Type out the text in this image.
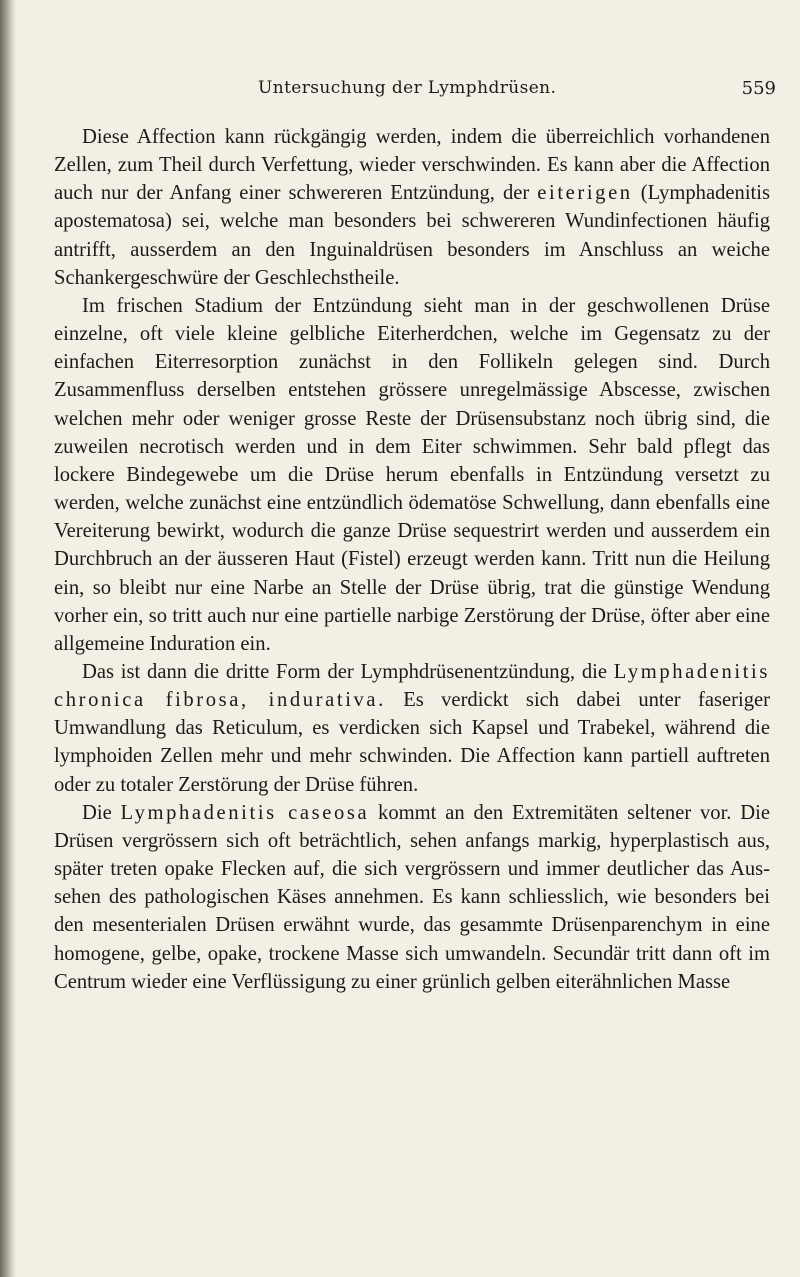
Untersuchung der Lymphdrüsen.	559

Diese Affection kann rückgängig werden, indem die überreichlich vorhandenen Zellen, zum Theil durch Verfettung, wieder verschwinden. Es kann aber die Affection auch nur der Anfang einer schwereren Entzündung, der eiterigen (Lymphadenitis apostematosa) sei, welche man besonders bei schwereren Wundinfectionen häufig antrifft, ausserdem an den Inguinaldrüsen besonders im Anschluss an weiche Schankergeschwüre der Geschlechstheile.

Im frischen Stadium der Entzündung sieht man in der geschwollenen Drüse einzelne, oft viele kleine gelbliche Eiterherdchen, welche im Gegensatz zu der einfachen Eiterresorption zunächst in den Follikeln gelegen sind. Durch Zusammenfluss derselben entstehen grössere unregelmässige Abscesse, zwischen welchen mehr oder weniger grosse Reste der Drüsensubstanz noch übrig sind, die zuweilen necrotisch werden und in dem Eiter schwimmen. Sehr bald pflegt das lockere Bindegewebe um die Drüse herum ebenfalls in Entzündung versetzt zu werden, welche zunächst eine entzündlich ödematöse Schwellung, dann ebenfalls eine Vereiterung bewirkt, wodurch die ganze Drüse sequestrirt werden und ausserdem ein Durchbruch an der äusseren Haut (Fistel) erzeugt werden kann. Tritt nun die Heilung ein, so bleibt nur eine Narbe an Stelle der Drüse übrig, trat die günstige Wendung vorher ein, so tritt auch nur eine partielle narbige Zerstörung der Drüse, öfter aber eine allgemeine Induration ein.

Das ist dann die dritte Form der Lymphdrüsenentzündung, die Lymphadenitis chronica fibrosa, indurativa. Es verdickt sich dabei unter faseriger Umwandlung das Reticulum, es verdicken sich Kapsel und Trabekel, während die lymphoiden Zellen mehr und mehr schwinden. Die Affection kann partiell auftreten oder zu totaler Zerstörung der Drüse führen.

Die Lymphadenitis caseosa kommt an den Extremitäten seltener vor. Die Drüsen vergrössern sich oft beträchtlich, sehen anfangs markig, hyperplastisch aus, später treten opake Flecken auf, die sich vergrössern und immer deutlicher das Aussehen des pathologischen Käses annehmen. Es kann schliesslich, wie besonders bei den mesenterialen Drüsen erwähnt wurde, das gesammte Drüsenparenchym in eine homogene, gelbe, opake, trockene Masse sich umwandeln. Secundär tritt dann oft im Centrum wieder eine Verflüssigung zu einer grünlich gelben eiterähnlichen Masse
